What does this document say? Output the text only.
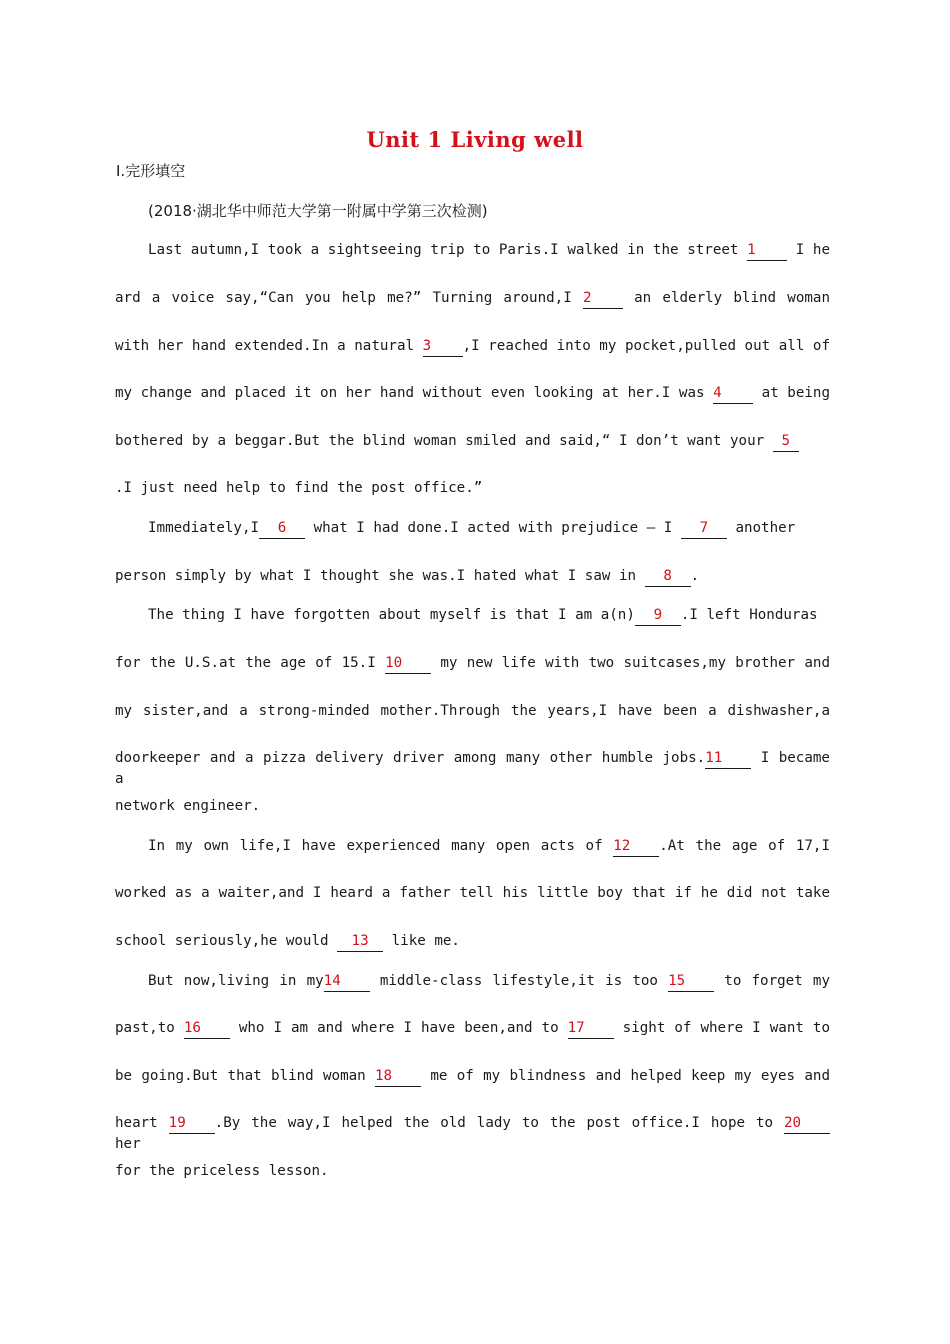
Unit 1 Living well
Ⅰ.完形填空
(2018·湖北华中师范大学第一附属中学第三次检测)
Last autumn,I took a sightseeing trip to Paris.I walked in the street 1	I he
ard a voice say,“Can you help me?” Turning around,I 2	an elderly blind woman
with her hand extended.In a natural 3 ,I reached into my pocket,pulled out all of
my change and placed it on her hand without even looking at her.I was 4	at being
bothered by a beggar.But the blind woman smiled and said,“ I don’t want your 5
.I just need help to find the post office.”
Immediately,I 6 what I had done.I acted with prejudice — I 7 another
person simply by what I thought she was.I hated what I saw in 8 .
The thing I have forgotten about myself is that I am a(n) 9 .I left Honduras
for the U.S.at the age of 15.I 10	my new life with two suitcases,my brother and
my sister,and a strong-minded mother.Through the years,I have been a dishwasher,a
doorkeeper and a pizza delivery driver among many other humble jobs.11	I became a
network engineer.
In my own life,I have experienced many open acts of 12 .At the age of 17,I
worked as a waiter,and I heard a father tell his little boy that if he did not take
school seriously,he would 13 like me.
But now,living in my14	middle-class lifestyle,it is too 15	to forget my
past,to 16	who I am and where I have been,and to 17	sight of where I want to
be going.But that blind woman 18	me of my blindness and helped keep my eyes and
heart 19 .By the way,I helped the old lady to the post office.I hope to 20 her
for the priceless lesson.
